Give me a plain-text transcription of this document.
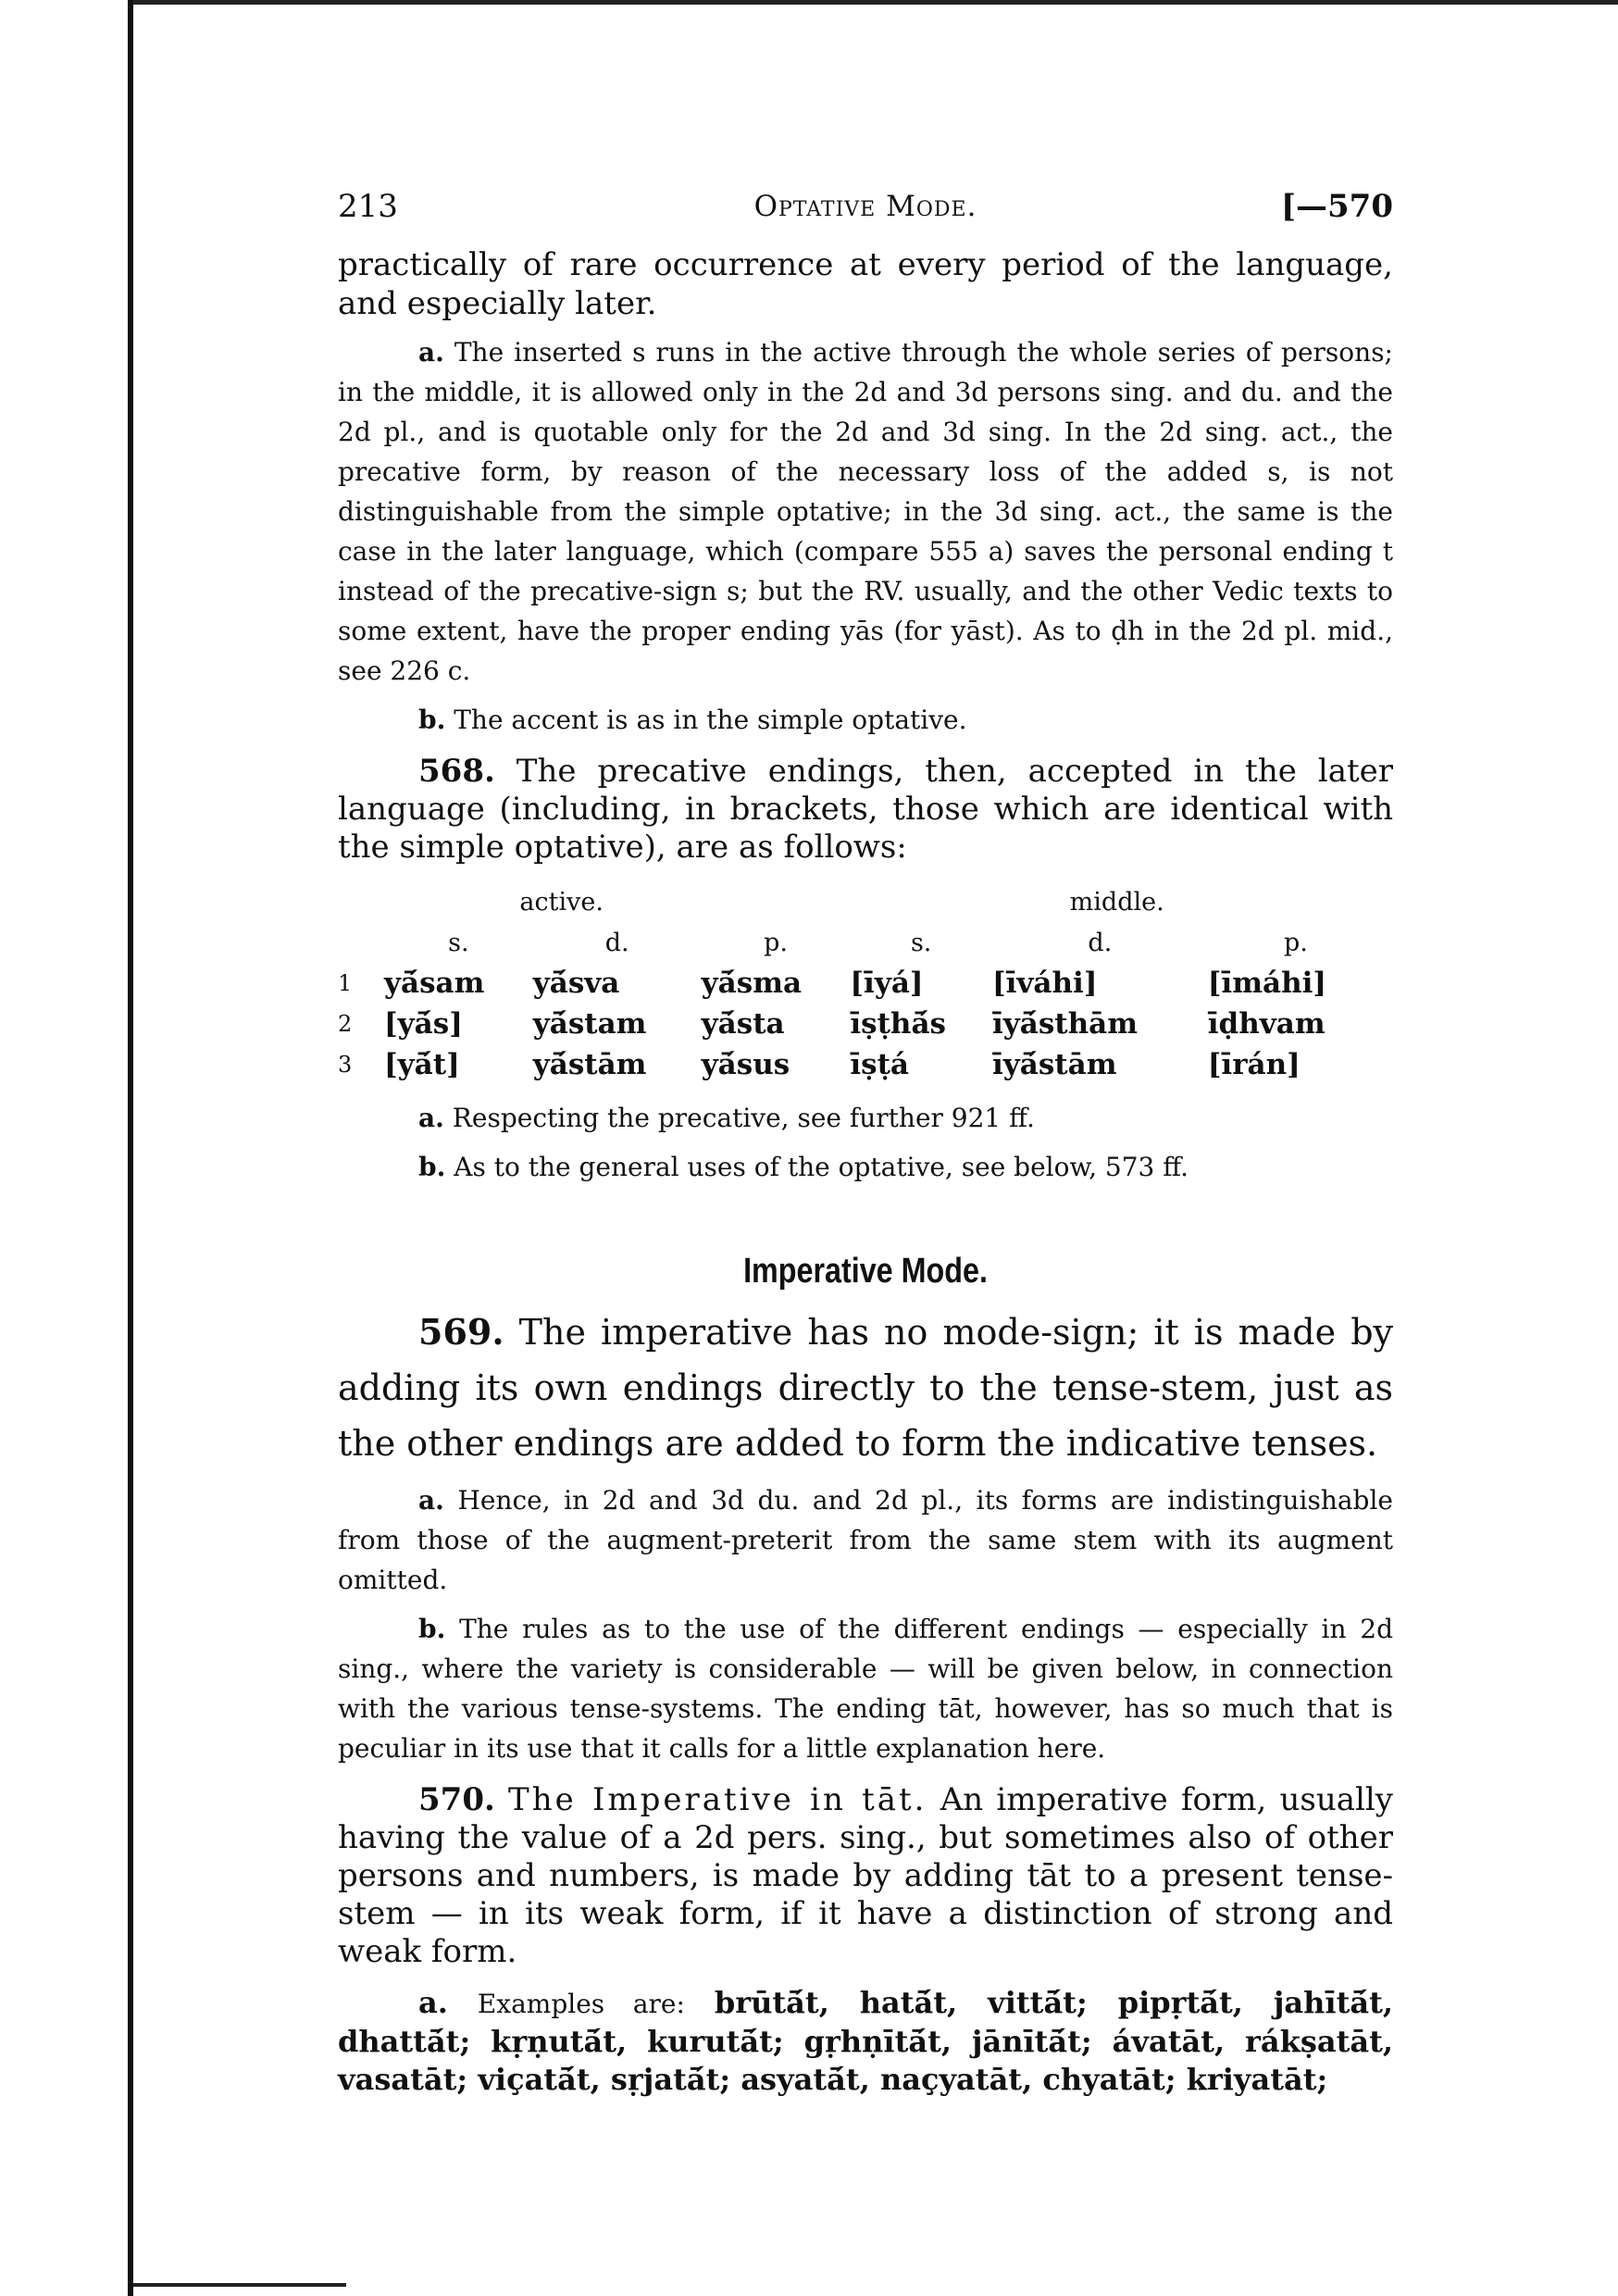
213	Optative Mode.	[—570

practically of rare occurrence at every period of the language, and especially later.

a. The inserted s runs in the active through the whole series of persons; in the middle, it is allowed only in the 2d and 3d persons sing. and du. and the 2d pl., and is quotable only for the 2d and 3d sing. In the 2d sing. act., the precative form, by reason of the necessary loss of the added s, is not distinguishable from the simple optative; in the 3d sing. act., the same is the case in the later language, which (compare 555 a) saves the personal ending t instead of the precative-sign s; but the RV. usually, and the other Vedic texts to some extent, have the proper ending yās (for yāst). As to ḍh in the 2d pl. mid., see 226 c.

b. The accent is as in the simple optative.

568. The precative endings, then, accepted in the later language (including, in brackets, those which are identical with the simple optative), are as follows:

	active.			middle.		
	s.	d.	p.	s.	d.	p.
1	yā́sam	yā́sva	yā́sma	[īyá]	[īváhi]	[īmáhi]
2	[yā́s]	yā́stam	yā́sta	īṣṭhā́s	īyā́sthām	īḍhvam
3	[yā́t]	yā́stām	yā́sus	īṣṭá	īyā́stām	[īrán]

a. Respecting the precative, see further 921 ff.

b. As to the general uses of the optative, see below, 573 ff.

Imperative Mode.

569. The imperative has no mode-sign; it is made by adding its own endings directly to the tense-stem, just as the other endings are added to form the indicative tenses.

a. Hence, in 2d and 3d du. and 2d pl., its forms are indistinguishable from those of the augment-preterit from the same stem with its augment omitted.

b. The rules as to the use of the different endings — especially in 2d sing., where the variety is considerable — will be given below, in connection with the various tense-systems. The ending tāt, however, has so much that is peculiar in its use that it calls for a little explanation here.

570. The Imperative in tāt. An imperative form, usually having the value of a 2d pers. sing., but sometimes also of other persons and numbers, is made by adding tāt to a present tense-stem — in its weak form, if it have a distinction of strong and weak form.

a. Examples are: brūtā́t, hatā́t, vittā́t; pipṛtā́t, jahītā́t, dhattā́t; kṛṇutā́t, kurutā́t; gṛhṇītā́t, jānītā́t; ávatāt, rákṣatāt, vasatāt; viçatā́t, sṛjatā́t; asyatā́t, naçyatāt, chyatāt; kriyatāt;
